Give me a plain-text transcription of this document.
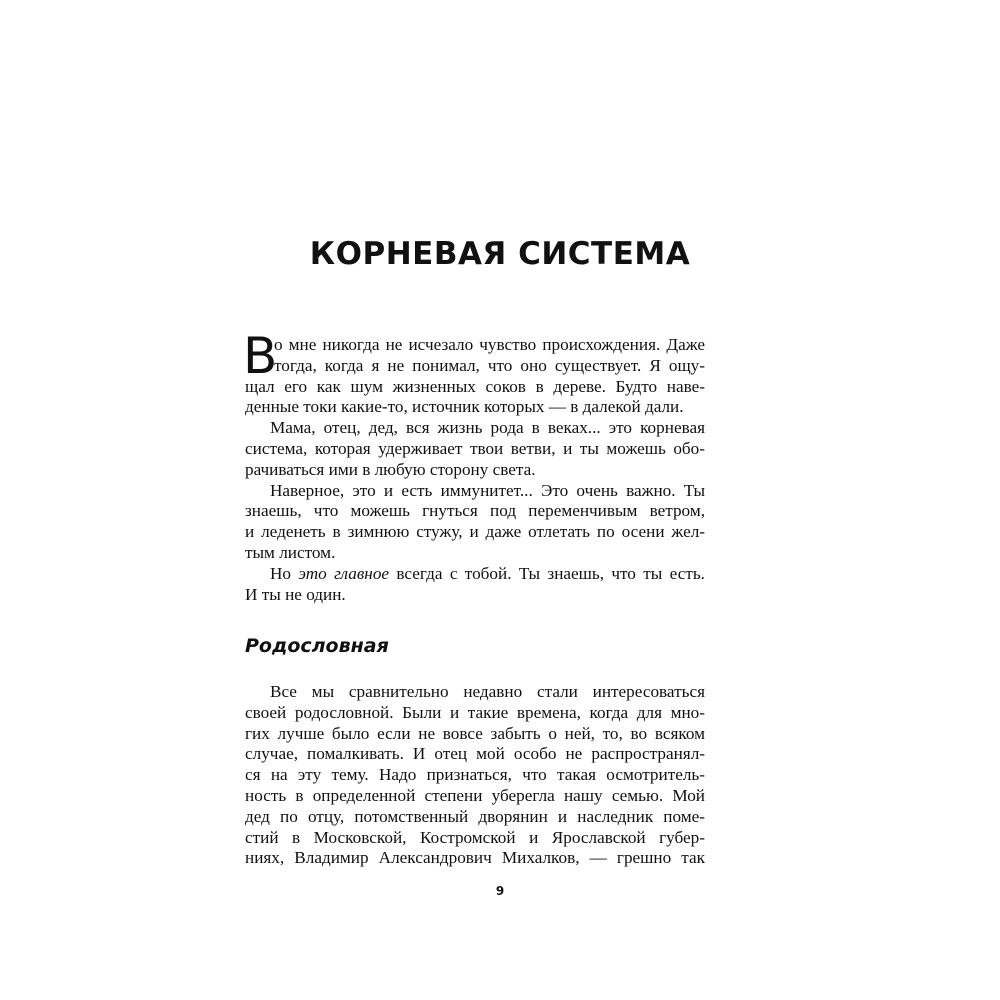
КОРНЕВАЯ СИСТЕМА
В
о мне никогда не исчезало чувство происхождения. Даже
тогда, когда я не понимал, что оно существует. Я ощу-
щал его как шум жизненных соков в дереве. Будто наве-
денные токи какие-то, источник которых — в далекой дали.
Мама, отец, дед, вся жизнь рода в веках... это корневая
система, которая удерживает твои ветви, и ты можешь обо-
рачиваться ими в любую сторону света.
Наверное, это и есть иммунитет... Это очень важно. Ты
знаешь, что можешь гнуться под переменчивым ветром,
и леденеть в зимнюю стужу, и даже отлетать по осени жел-
тым листом.
Но это главное всегда с тобой. Ты знаешь, что ты есть.
И ты не один.
Родословная
Все мы сравнительно недавно стали интересоваться
своей родословной. Были и такие времена, когда для мно-
гих лучше было если не вовсе забыть о ней, то, во всяком
случае, помалкивать. И отец мой особо не распространял-
ся на эту тему. Надо признаться, что такая осмотритель-
ность в определенной степени уберегла нашу семью. Мой
дед по отцу, потомственный дворянин и наследник поме-
стий в Московской, Костромской и Ярославской губер-
ниях, Владимир Александрович Михалков, — грешно так
9
